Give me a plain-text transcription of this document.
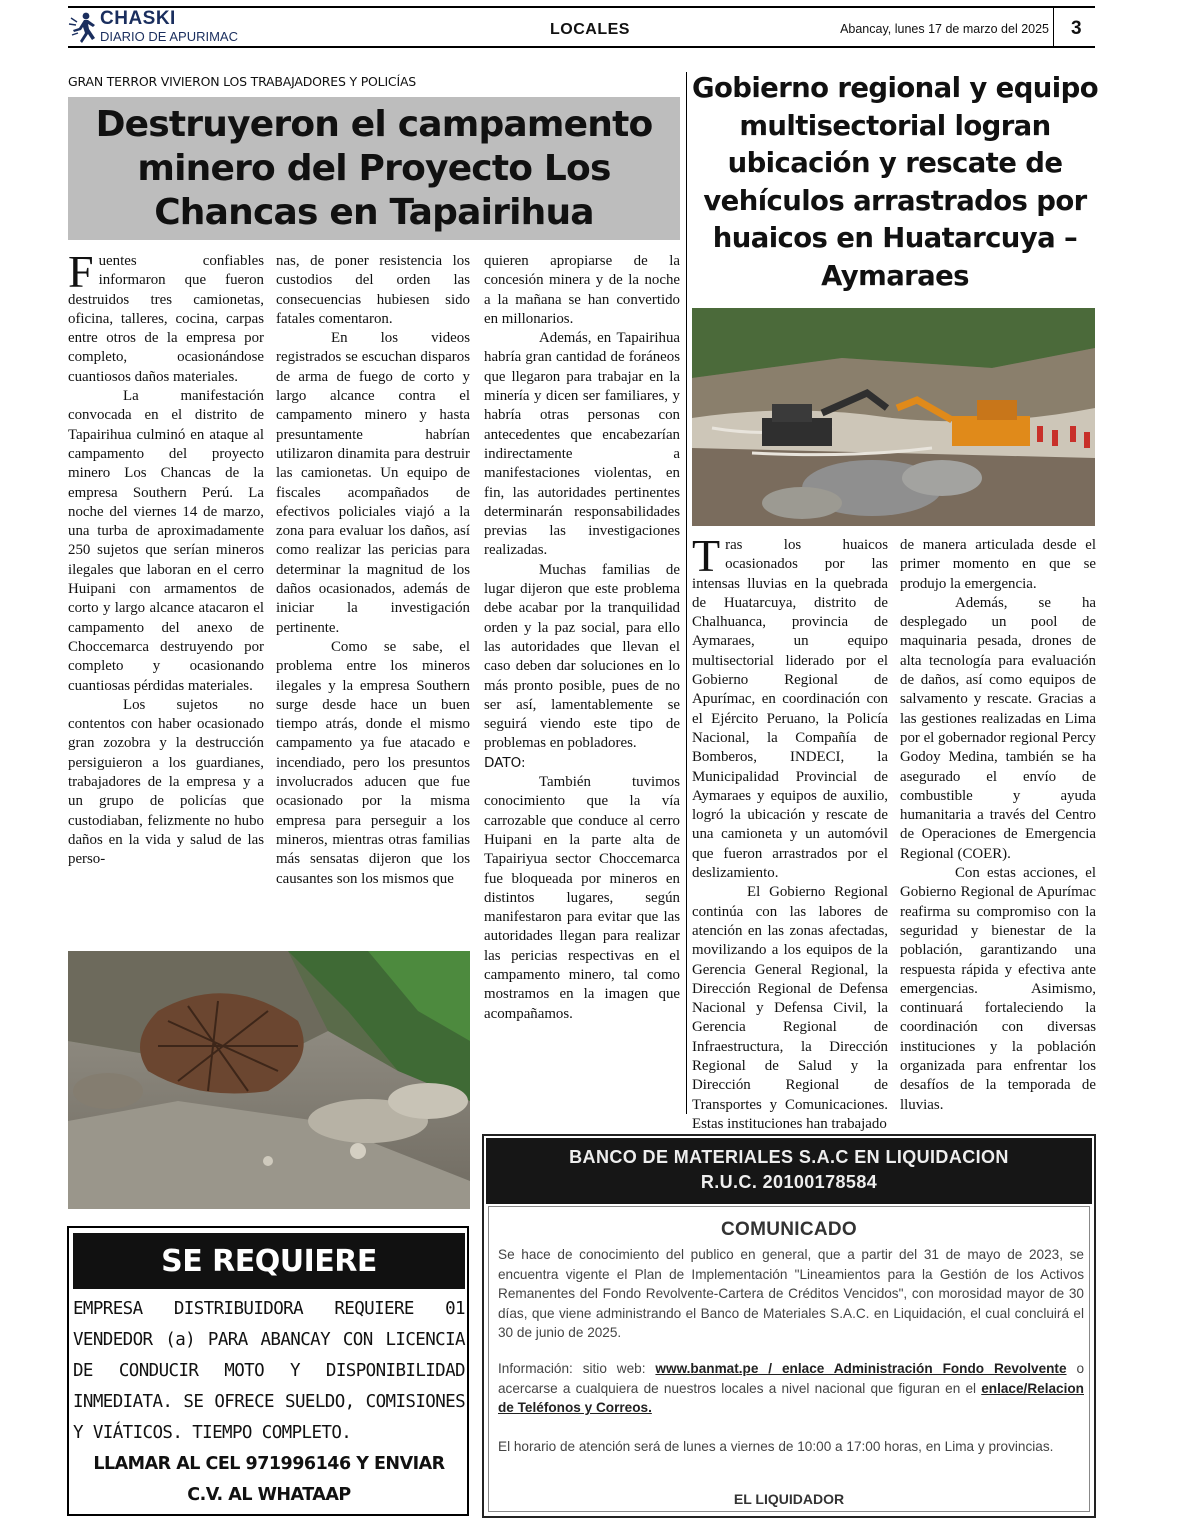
CHASKI
DIARIO DE APURIMAC	LOCALES	Abancay, lunes 17 de marzo del 2025 3
GRAN TERROR VIVIERON LOS TRABAJADORES Y POLICÍAS
Destruyeron el campamento minero del Proyecto Los Chancas en Tapairihua

Fuentes confiables informaron que fueron destruidos tres camionetas, oficina, talleres, cocina, carpas entre otros de la empresa por completo, ocasionándose cuantiosos daños materiales.

La manifestación convocada en el distrito de Tapairihua culminó en ataque al campamento del proyecto minero Los Chancas de la empresa Southern Perú. La noche del viernes 14 de marzo, una turba de aproximadamente 250 sujetos que serían mineros ilegales que laboran en el cerro Huipani con armamentos de corto y largo alcance atacaron el campamento del anexo de Choccemarca destruyendo por completo y ocasionando cuantiosas pérdidas materiales.

Los sujetos no contentos con haber ocasionado gran zozobra y la destrucción persiguieron a los guardianes, trabajadores de la empresa y a un grupo de policías que custodiaban, felizmente no hubo daños en la vida y salud de las perso-

nas, de poner resistencia los custodios del orden las consecuencias hubiesen sido fatales comentaron.

En los videos registrados se escuchan disparos de arma de fuego de corto y largo alcance contra el campamento minero y hasta presuntamente habrían utilizaron dinamita para destruir las camionetas. Un equipo de fiscales acompañados de efectivos policiales viajó a la zona para evaluar los daños, así como realizar las pericias para determinar la magnitud de los daños ocasionados, además de iniciar la investigación pertinente.

Como se sabe, el problema entre los mineros ilegales y la empresa Southern surge desde hace un buen tiempo atrás, donde el mismo campamento ya fue atacado e incendiado, pero los presuntos involucrados aducen que fue ocasionado por la misma empresa para perseguir a los mineros, mientras otras familias más sensatas dijeron que los causantes son los mismos que

quieren apropiarse de la concesión minera y de la noche a la mañana se han convertido en millonarios.

Además, en Tapairihua habría gran cantidad de foráneos que llegaron para trabajar en la minería y dicen ser familiares, y habría otras personas con antecedentes que encabezarían indirectamente a manifestaciones violentas, en fin, las autoridades pertinentes determinarán responsabilidades previas las investigaciones realizadas.

Muchas familias de lugar dijeron que este problema debe acabar por la tranquilidad orden y la paz social, para ello las autoridades que llevan el caso deben dar soluciones en lo más pronto posible, pues de no ser así, lamentablemente se seguirá viendo este tipo de problemas en pobladores.

DATO:

También tuvimos conocimiento que la vía carrozable que conduce al cerro Huipani en la parte alta de Tapairiyua sector Choccemarca fue bloqueada por mineros en distintos lugares, según manifestaron para evitar que las autoridades llegan para realizar las pericias respectivas en el campamento minero, tal como mostramos en la imagen que acompañamos.

SE REQUIERE
EMPRESA DISTRIBUIDORA REQUIERE 01 VENDEDOR (a) PARA ABANCAY CON LICENCIA DE CONDUCIR MOTO Y DISPONIBILIDAD INMEDIATA. SE OFRECE SUELDO, COMISIONES Y VIÁTICOS. TIEMPO COMPLETO.
LLAMAR AL CEL 971996146 Y ENVIAR C.V. AL WHATAAP
Gobierno regional y equipo multisectorial logran ubicación y rescate de vehículos arrastrados por huaicos en Huatarcuya – Aymaraes

Tras los huaicos ocasionados por las intensas lluvias en la quebrada de Huatarcuya, distrito de Chalhuanca, provincia de Aymaraes, un equipo multisectorial liderado por el Gobierno Regional de Apurímac, en coordinación con el Ejército Peruano, la Policía Nacional, la Compañía de Bomberos, INDECI, la Municipalidad Provincial de Aymaraes y equipos de auxilio, logró la ubicación y rescate de una camioneta y un automóvil que fueron arrastrados por el deslizamiento.

El Gobierno Regional continúa con las labores de atención en las zonas afectadas, movilizando a los equipos de la Gerencia General Regional, la Dirección Regional de Defensa Nacional y Defensa Civil, la Gerencia Regional de Infraestructura, la Dirección Regional de Salud y la Dirección Regional de Transportes y Comunicaciones. Estas instituciones han trabajado

de manera articulada desde el primer momento en que se produjo la emergencia.

Además, se ha desplegado un pool de maquinaria pesada, drones de alta tecnología para evaluación de daños, así como equipos de salvamento y rescate. Gracias a las gestiones realizadas en Lima por el gobernador regional Percy Godoy Medina, también se ha asegurado el envío de combustible y ayuda humanitaria a través del Centro de Operaciones de Emergencia Regional (COER).

Con estas acciones, el Gobierno Regional de Apurímac reafirma su compromiso con la seguridad y bienestar de la población, garantizando una respuesta rápida y efectiva ante emergencias. Asimismo, continuará fortaleciendo la coordinación con diversas instituciones y la población organizada para enfrentar los desafíos de la temporada de lluvias.

BANCO DE MATERIALES S.A.C EN LIQUIDACION
R.U.C. 20100178584
COMUNICADO
Se hace de conocimiento del publico en general, que a partir del 31 de mayo de 2023, se encuentra vigente el Plan de Implementación "Lineamientos para la Gestión de los Activos Remanentes del Fondo Revolvente-Cartera de Créditos Vencidos", con morosidad mayor de 30 días, que viene administrando el Banco de Materiales S.A.C. en Liquidación, el cual concluirá el 30 de junio de 2025.
Información: sitio web: www.banmat.pe / enlace Administración Fondo Revolvente o acercarse a cualquiera de nuestros locales a nivel nacional que figuran en el enlace/Relacion de Teléfonos y Correos.
El horario de atención será de lunes a viernes de 10:00 a 17:00 horas, en Lima y provincias.
EL LIQUIDADOR
